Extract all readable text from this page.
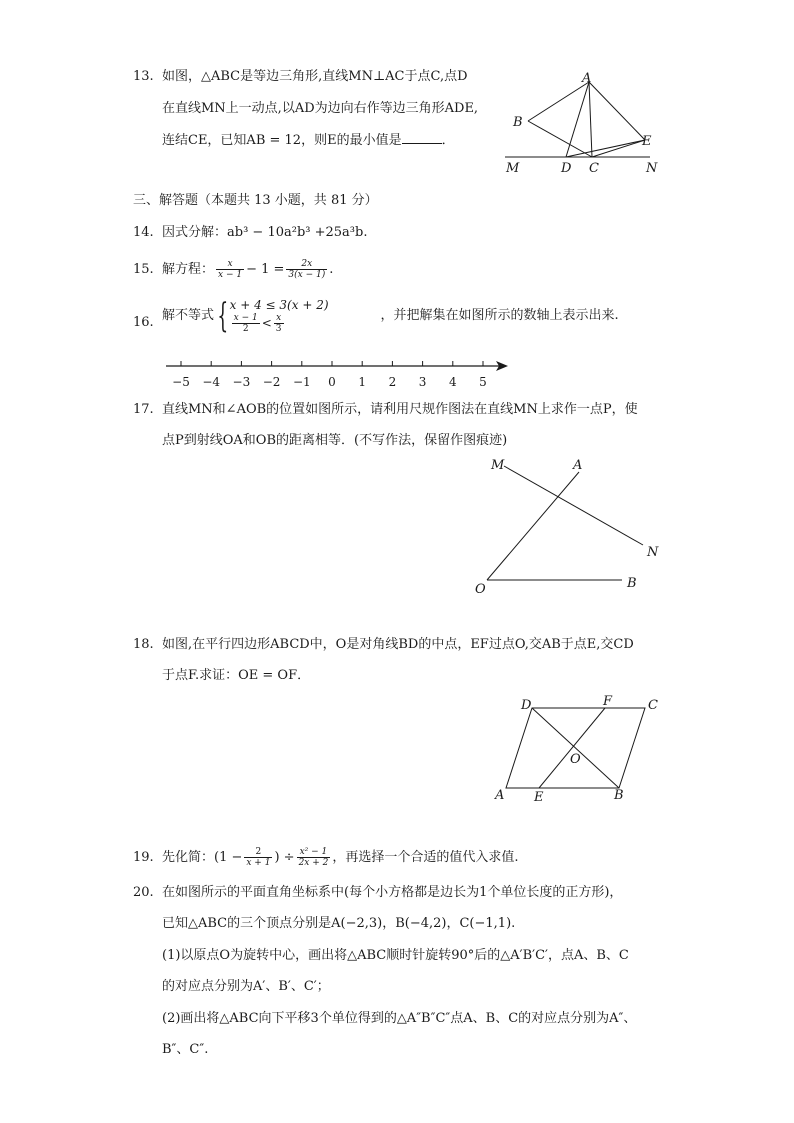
13. 如图，△ABC是等边三角形,直线MN⊥AC于点C,点D
在直线MN上一动点,以AD为边向右作等边三角形ADE,
连结CE，已知AB = 12，则E的最小值是	．
A
B
E
M	D C	N
三、解答题（本题共 13 小题，共 81 分）
14. 因式分解：ab³ − 10a²b³ +25a³b.
15. 解方程： $\frac{x}{x - 1} - 1 = \frac{2x}{3(x - 1)}$ .
16. 解不等式 { x + 4 ≤ 3(x + 2)
$\frac{x - 1}{2} < \frac{x}{3}$	，并把解集在如图所示的数轴上表示出来.
−5 −4 −3 −2 −1 0 1 2 3 4 5
17. 直线MN和∠AOB的位置如图所示，请利用尺规作图法在直线MN上求作一点P，使
点P到射线OA和OB的距离相等．(不写作法，保留作图痕迹)
M	A
N
O	B
18. 如图,在平行四边形ABCD中，O是对角线BD的中点，EF过点O,交AB于点E,交CD
于点F.求证：OE = OF．
D	F	C
O
A E	B
19. 先化简：($1 - \frac{2}{x + 1}$ ) ÷ $\frac{\text{x² − 1}}{2x + 2}$ ，再选择一个合适的值代入求值.
20. 在如图所示的平面直角坐标系中(每个小方格都是边长为1个单位长度的正方形)，
已知△ABC的三个顶点分别是A(−2,3)，B(−4,2)，C(−1,1).
(1)以原点O为旋转中心，画出将△ABC顺时针旋转90°后的△A′B′C′，点A、B、C
的对应点分别为A′、B′、C′；
(2)画出将△ABC向下平移3个单位得到的△A″B″C″点A、B、C的对应点分别为A″、
B″、C″.
